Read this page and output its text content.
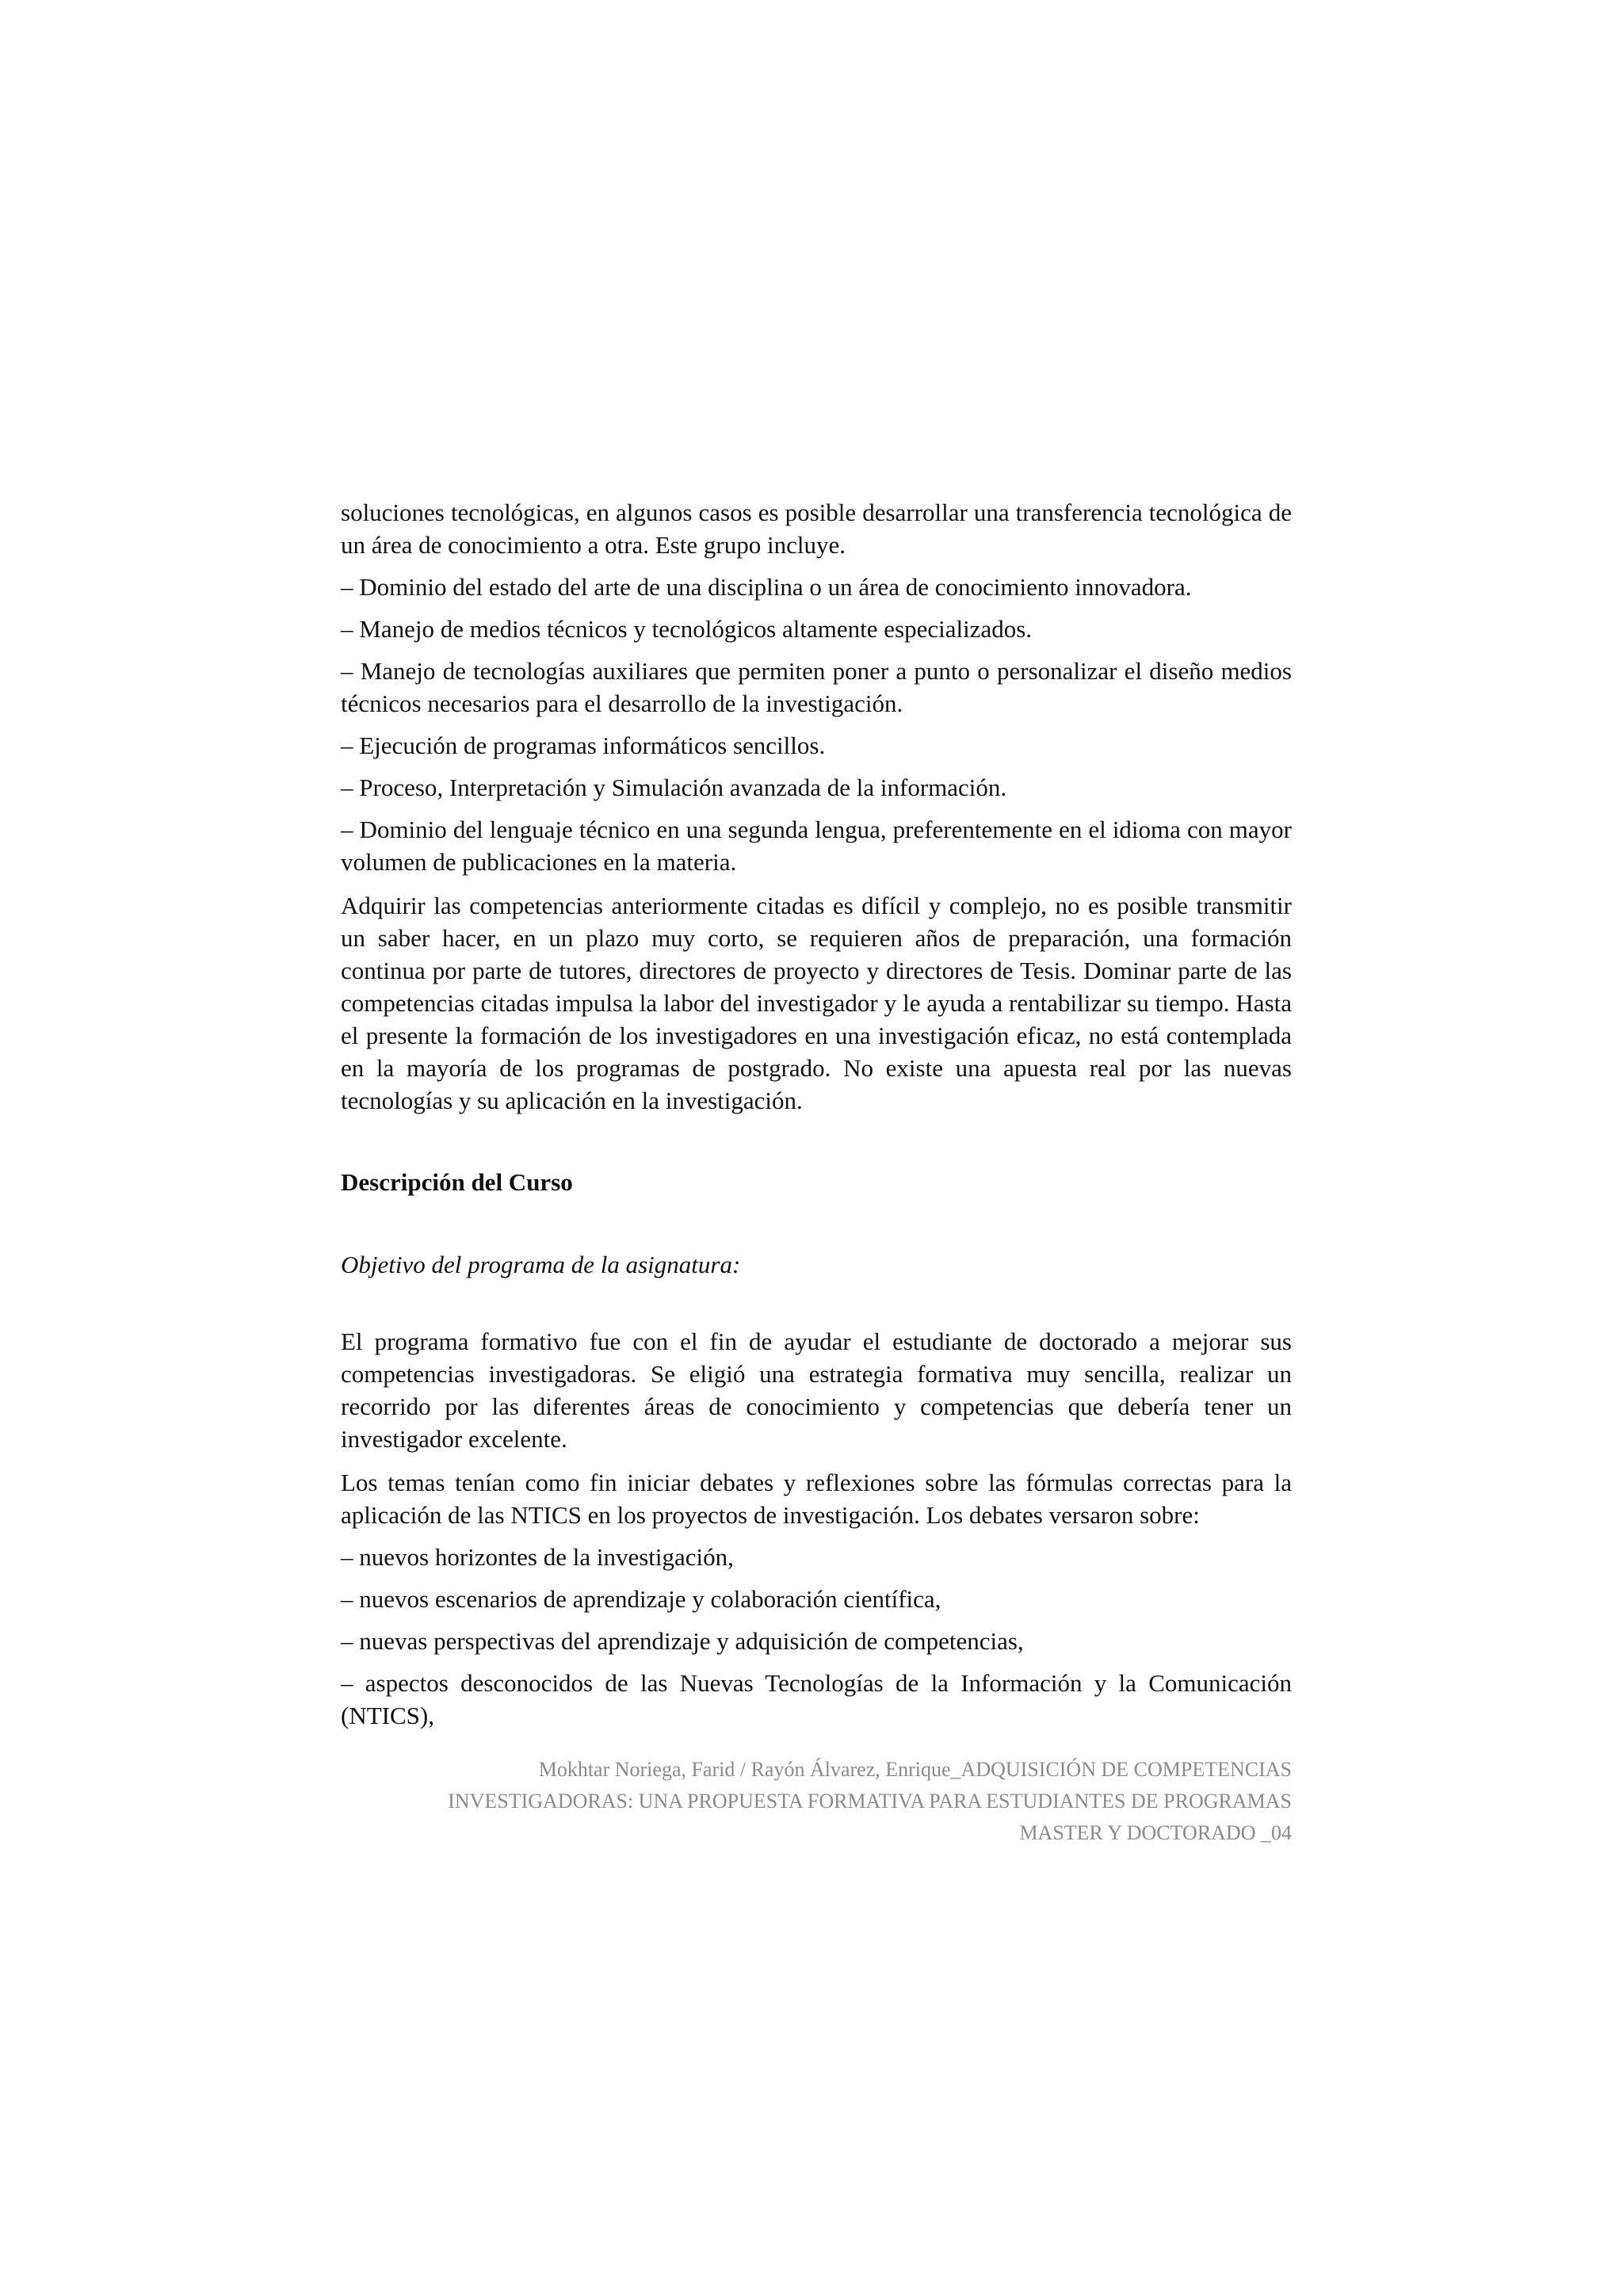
soluciones tecnológicas, en algunos casos es posible desarrollar una transferencia tecnológica de un área de conocimiento a otra. Este grupo incluye.

– Dominio del estado del arte de una disciplina o un área de conocimiento innovadora.

– Manejo de medios técnicos y tecnológicos altamente especializados.

– Manejo de tecnologías auxiliares que permiten poner a punto o personalizar el diseño medios técnicos necesarios para el desarrollo de la investigación.

– Ejecución de programas informáticos sencillos.

– Proceso, Interpretación y Simulación avanzada de la información.

– Dominio del lenguaje técnico en una segunda lengua, preferentemente en el idioma con mayor volumen de publicaciones en la materia.

Adquirir las competencias anteriormente citadas es difícil y complejo, no es posible transmitir un saber hacer, en un plazo muy corto, se requieren años de preparación, una formación continua por parte de tutores, directores de proyecto y directores de Tesis. Dominar parte de las competencias citadas impulsa la labor del investigador y le ayuda a rentabilizar su tiempo. Hasta el presente la formación de los investigadores en una investigación eficaz, no está contemplada en la mayoría de los programas de postgrado. No existe una apuesta real por las nuevas tecnologías y su aplicación en la investigación.

Descripción del Curso

Objetivo del programa de la asignatura:

El programa formativo fue con el fin de ayudar el estudiante de doctorado a mejorar sus competencias investigadoras. Se eligió una estrategia formativa muy sencilla, realizar un recorrido por las diferentes áreas de conocimiento y competencias que debería tener un investigador excelente.

Los temas tenían como fin iniciar debates y reflexiones sobre las fórmulas correctas para la aplicación de las NTICS en los proyectos de investigación. Los debates versaron sobre:

– nuevos horizontes de la investigación,

– nuevos escenarios de aprendizaje y colaboración científica,

– nuevas perspectivas del aprendizaje y adquisición de competencias,

– aspectos desconocidos de las Nuevas Tecnologías de la Información y la Comunicación (NTICS),

Mokhtar Noriega, Farid / Rayón Álvarez, Enrique_ADQUISICIÓN DE COMPETENCIAS
INVESTIGADORAS: UNA PROPUESTA FORMATIVA PARA ESTUDIANTES DE PROGRAMAS
MASTER Y DOCTORADO _04
